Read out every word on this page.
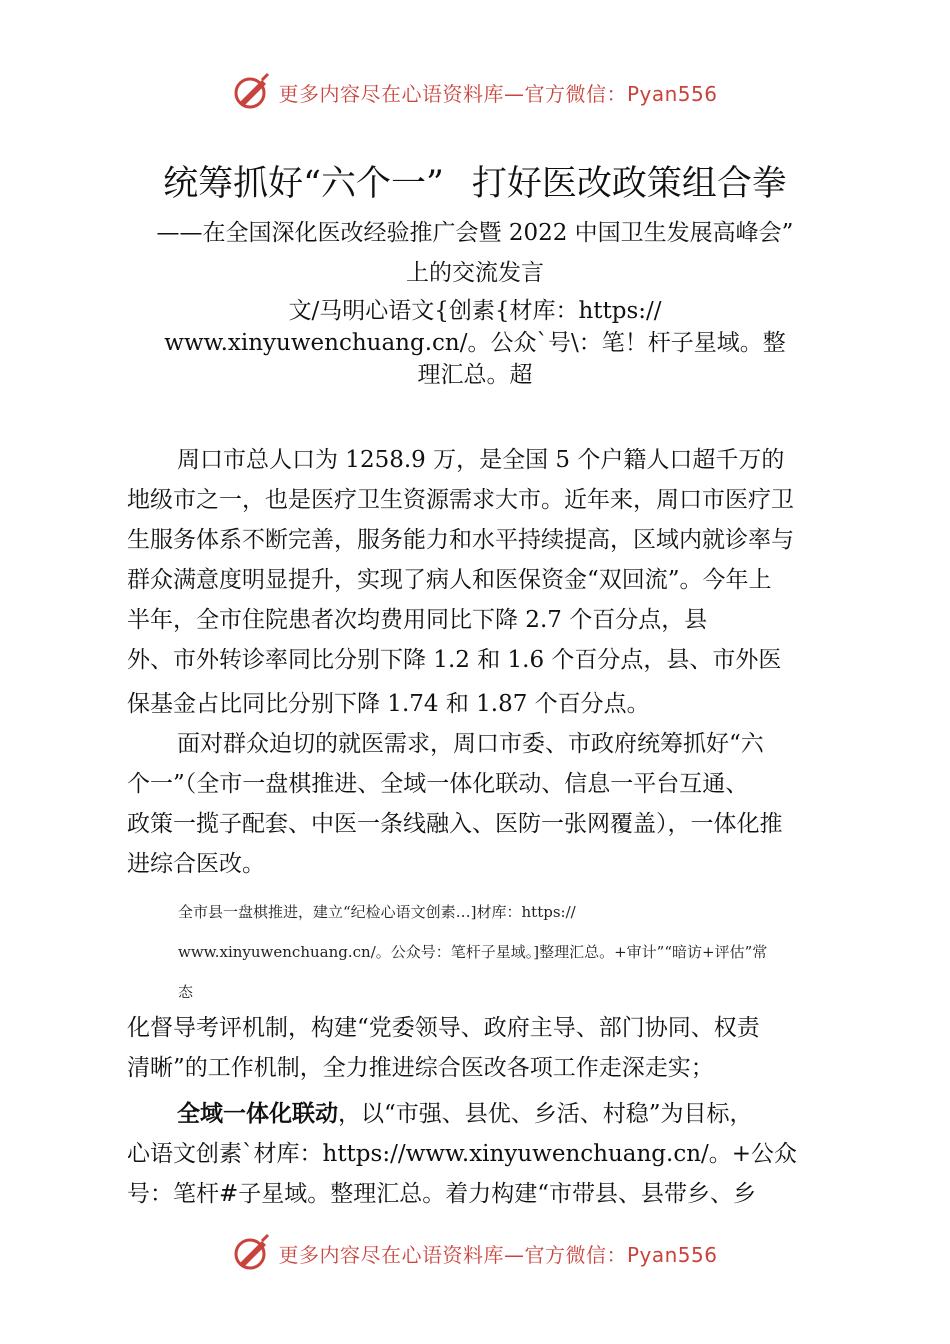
更多内容尽在心语资料库—官方微信：Pyan556
统筹抓好“六个一” 打好医改政策组合拳
——在全国深化医改经验推广会暨 2022 中国卫生发展高峰会”
上的交流发言
文/马明心语文{创素{材库：https://
www.xinyuwenchuang.cn/。公众`号\：笔！杆子星域。整
理汇总。超
周口市总人口为 1258.9 万，是全国 5 个户籍人口超千万的
地级市之一，也是医疗卫生资源需求大市。近年来，周口市医疗卫
生服务体系不断完善，服务能力和水平持续提高，区域内就诊率与
群众满意度明显提升，实现了病人和医保资金“双回流”。今年上
半年，全市住院患者次均费用同比下降 2.7 个百分点，县
外、市外转诊率同比分别下降 1.2 和 1.6 个百分点，县、市外医
保基金占比同比分别下降 1.74 和 1.87 个百分点。
面对群众迫切的就医需求，周口市委、市政府统筹抓好“六
个一”（全市一盘棋推进、全域一体化联动、信息一平台互通、
政策一揽子配套、中医一条线融入、医防一张网覆盖），一体化推
进综合医改。
全市县一盘棋推进，建立“纪检心语文创素…]材库：https://
www.xinyuwenchuang.cn/。公众号：笔杆子星域。]整理汇总。+审计”“暗访+评估”常
态
化督导考评机制，构建“党委领导、政府主导、部门协同、权责
清晰”的工作机制，全力推进综合医改各项工作走深走实；
全域一体化联动，以“市强、县优、乡活、村稳”为目标，
心语文创素`材库：https://www.xinyuwenchuang.cn/。+公众
号：笔杆#子星域。整理汇总。着力构建“市带县、县带乡、乡
更多内容尽在心语资料库—官方微信：Pyan556
